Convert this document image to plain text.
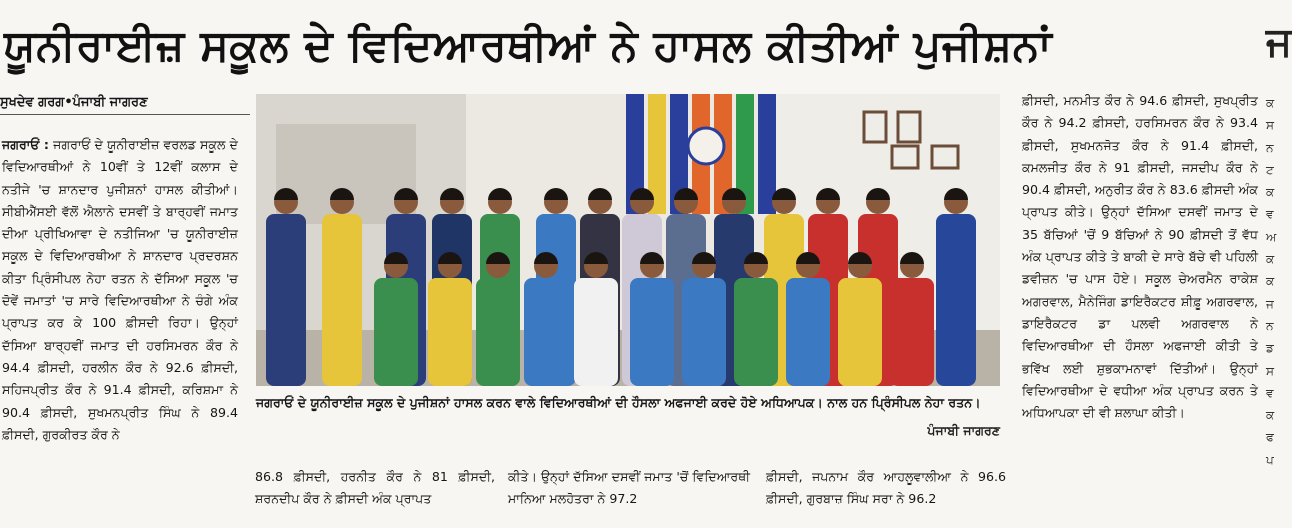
ਯੂਨੀਰਾਈਜ਼ ਸਕੂਲ ਦੇ ਵਿਦਿਆਰਥੀਆਂ ਨੇ ਹਾਸਲ ਕੀਤੀਆਂ ਪੁਜੀਸ਼ਨਾਂ	ਜ
ਸੁਖਦੇਵ ਗਰਗ•ਪੰਜਾਬੀ ਜਾਗਰਣ

ਜਗਰਾਓਂ : ਜਗਰਾਓਂ ਦੇ ਯੂਨੀਰਾਈਜ਼ ਵਰਲਡ ਸਕੂਲ ਦੇ ਵਿਦਿਆਰਥੀਆਂ ਨੇ 10ਵੀਂ ਤੇ 12ਵੀਂ ਕਲਾਸ ਦੇ ਨਤੀਜੇ 'ਚ ਸ਼ਾਨਦਾਰ ਪੁਜੀਸ਼ਨਾਂ ਹਾਸਲ ਕੀਤੀਆਂ। ਸੀਬੀਐੱਸਈ ਵੱਲੋਂ ਐਲਾਨੇ ਦਸਵੀਂ ਤੇ ਬਾਰ੍ਹਵੀਂ ਜਮਾਤ ਦੀਆ ਪ੍ਰੀਖਿਆਵਾ ਦੇ ਨਤੀਜਿਆ 'ਚ ਯੂਨੀਰਾਈਜ਼ ਸਕੂਲ ਦੇ ਵਿਦਿਆਰਥੀਆ ਨੇ ਸ਼ਾਨਦਾਰ ਪ੍ਰਦਰਸ਼ਨ ਕੀਤਾ ਪ੍ਰਿੰਸੀਪਲ ਨੇਹਾ ਰਤਨ ਨੇ ਦੱਸਿਆ ਸਕੂਲ 'ਚ ਦੋਵੇਂ ਜਮਾਤਾਂ 'ਚ ਸਾਰੇ ਵਿਦਿਆਰਥੀਆ ਨੇ ਚੰਗੇ ਅੰਕ ਪ੍ਰਾਪਤ ਕਰ ਕੇ 100 ਫ਼ੀਸਦੀ ਰਿਹਾ। ਉਨ੍ਹਾਂ ਦੱਸਿਆ ਬਾਰ੍ਹਵੀਂ ਜਮਾਤ ਦੀ ਹਰਸਿਮਰਨ ਕੌਰ ਨੇ 94.4 ਫ਼ੀਸਦੀ, ਹਰਲੀਨ ਕੌਰ ਨੇ 92.6 ਫ਼ੀਸਦੀ, ਸਹਿਜਪ੍ਰੀਤ ਕੌਰ ਨੇ 91.4 ਫ਼ੀਸਦੀ, ਕਰਿਸ਼ਮਾ ਨੇ 90.4 ਫ਼ੀਸਦੀ, ਸੁਖਮਨਪ੍ਰੀਤ ਸਿੰਘ ਨੇ 89.4 ਫ਼ੀਸਦੀ, ਗੁਰਕੀਰਤ ਕੌਰ ਨੇ

ਜਗਰਾਓਂ ਦੇ ਯੂਨੀਰਾਈਜ਼ ਸਕੂਲ ਦੇ ਪੁਜੀਸ਼ਨਾਂ ਹਾਸਲ ਕਰਨ ਵਾਲੇ ਵਿਦਿਆਰਥੀਆਂ ਦੀ ਹੌਸਲਾ ਅਫਜਾਈ ਕਰਦੇ ਹੋਏ ਅਧਿਆਪਕ। ਨਾਲ ਹਨ ਪ੍ਰਿੰਸੀਪਲ ਨੇਹਾ ਰਤਨ।
ਪੰਜਾਬੀ ਜਾਗਰਣ
86.8 ਫ਼ੀਸਦੀ, ਹਰਨੀਤ ਕੌਰ ਨੇ 81 ਫ਼ੀਸਦੀ, ਸ਼ਰਨਦੀਪ ਕੌਰ ਨੇ ਫ਼ੀਸਦੀ ਅੰਕ ਪ੍ਰਾਪਤ
ਕੀਤੇ। ਉਨ੍ਹਾਂ ਦੱਸਿਆ ਦਸਵੀਂ ਜਮਾਤ 'ਚੋਂ ਵਿਦਿਆਰਥੀ ਮਾਨਿਆ ਮਲਹੋਤਰਾ ਨੇ 97.2
ਫ਼ੀਸਦੀ, ਜਪਨਾਮ ਕੌਰ ਆਹਲੂਵਾਲੀਆ ਨੇ 96.6 ਫ਼ੀਸਦੀ, ਗੁਰਬਾਜ਼ ਸਿੰਘ ਸਰਾ ਨੇ 96.2
ਫ਼ੀਸਦੀ, ਮਨਮੀਤ ਕੌਰ ਨੇ 94.6 ਫ਼ੀਸਦੀ, ਸੁਖਪ੍ਰੀਤ ਕੌਰ ਨੇ 94.2 ਫ਼ੀਸਦੀ, ਹਰਸਿਮਰਨ ਕੌਰ ਨੇ 93.4 ਫ਼ੀਸਦੀ, ਸੁਖਮਨਜੋਤ ਕੌਰ ਨੇ 91.4 ਫ਼ੀਸਦੀ, ਕਮਲਜੀਤ ਕੌਰ ਨੇ 91 ਫ਼ੀਸਦੀ, ਜਸਦੀਪ ਕੌਰ ਨੇ 90.4 ਫ਼ੀਸਦੀ, ਅਨੁਰੀਤ ਕੌਰ ਨੇ 83.6 ਫ਼ੀਸਦੀ ਅੰਕ ਪ੍ਰਾਪਤ ਕੀਤੇ। ਉਨ੍ਹਾਂ ਦੱਸਿਆ ਦਸਵੀਂ ਜਮਾਤ ਦੇ 35 ਬੱਚਿਆਂ 'ਚੋਂ 9 ਬੱਚਿਆਂ ਨੇ 90 ਫ਼ੀਸਦੀ ਤੋਂ ਵੱਧ ਅੰਕ ਪ੍ਰਾਪਤ ਕੀਤੇ ਤੇ ਬਾਕੀ ਦੇ ਸਾਰੇ ਬੱਚੇ ਵੀ ਪਹਿਲੀ ਡਵੀਜ਼ਨ 'ਚ ਪਾਸ ਹੋਏ। ਸਕੂਲ ਚੇਅਰਮੈਨ ਰਾਕੇਸ਼ ਅਗਰਵਾਲ, ਮੈਨੇਜਿੰਗ ਡਾਇਰੈਕਟਰ ਸ਼ੀਫ਼ੂ ਅਗਰਵਾਲ, ਡਾਇਰੈਕਟਰ ਡਾ ਪਲਵੀ ਅਗਰਵਾਲ ਨੇ ਵਿਦਿਆਰਥੀਆ ਦੀ ਹੌਸਲਾ ਅਫਜਾਈ ਕੀਤੀ ਤੇ ਭਵਿੱਖ ਲਈ ਸ਼ੁਭਕਾਮਨਾਵਾਂ ਦਿੱਤੀਆਂ। ਉਨ੍ਹਾਂ ਵਿਦਿਆਰਥੀਆ ਦੇ ਵਧੀਆ ਅੰਕ ਪ੍ਰਾਪਤ ਕਰਨ ਤੇ ਅਧਿਆਪਕਾ ਦੀ ਵੀ ਸ਼ਲਾਘਾ ਕੀਤੀ।
ਕ ਸ ਨ ਟ ਕ ਵ ਅ ਕ ਕ ਜ ਨ ਡ ਸ ਵ ਕ ਫ ਪ
